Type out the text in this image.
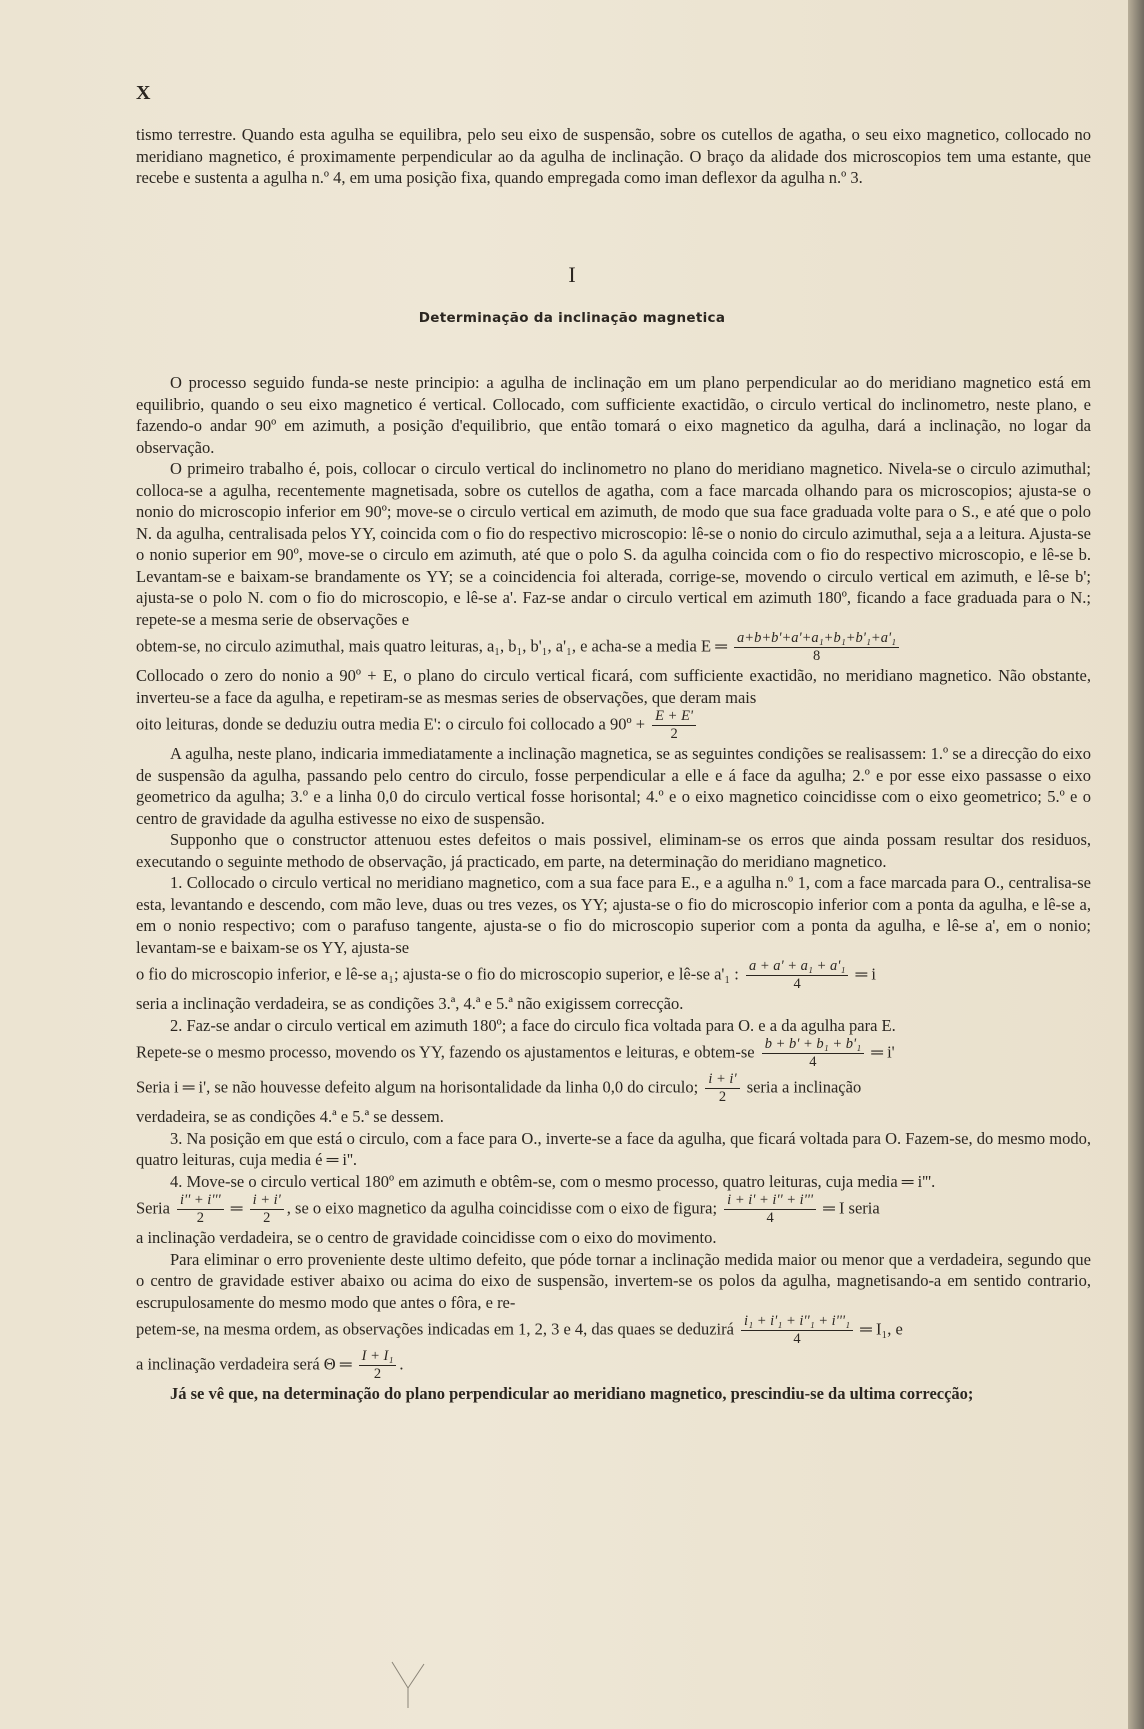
X

tismo terrestre. Quando esta agulha se equilibra, pelo seu eixo de suspensão, sobre os cutellos de agatha, o seu eixo magnetico, collocado no meridiano magnetico, é proximamente perpendicular ao da agulha de inclinação. O braço da alidade dos microscopios tem uma estante, que recebe e sustenta a agulha n.º 4, em uma posição fixa, quando empregada como iman deflexor da agulha n.º 3.

I
Determinação da inclinação magnetica

O processo seguido funda-se neste principio: a agulha de inclinação em um plano perpendicular ao do meridiano magnetico está em equilibrio, quando o seu eixo magnetico é vertical. Collocado, com sufficiente exactidão, o circulo vertical do inclinometro, neste plano, e fazendo-o andar 90º em azimuth, a posição d'equilibrio, que então tomará o eixo magnetico da agulha, dará a inclinação, no logar da observação.

O primeiro trabalho é, pois, collocar o circulo vertical do inclinometro no plano do meridiano magnetico. Nivela-se o circulo azimuthal; colloca-se a agulha, recentemente magnetisada, sobre os cutellos de agatha, com a face marcada olhando para os microscopios; ajusta-se o nonio do microscopio inferior em 90º; move-se o circulo vertical em azimuth, de modo que sua face graduada volte para o S., e até que o polo N. da agulha, centralisada pelos YY, coincida com o fio do respectivo microscopio: lê-se o nonio do circulo azimuthal, seja a a leitura. Ajusta-se o nonio superior em 90º, move-se o circulo em azimuth, até que o polo S. da agulha coincida com o fio do respectivo microscopio, e lê-se b. Levantam-se e baixam-se brandamente os YY; se a coincidencia foi alterada, corrige-se, movendo o circulo vertical em azimuth, e lê-se b'; ajusta-se o polo N. com o fio do microscopio, e lê-se a'. Faz-se andar o circulo vertical em azimuth 180º, ficando a face graduada para o N.; repete-se a mesma serie de observações e

obtem-se, no circulo azimuthal, mais quatro leituras, a₁, b₁, b'₁, a'₁, e acha-se a media E ═ $\frac{\text{a+b+b'+a'+a₁+b₁+b'₁+a'₁}}{8}$

Collocado o zero do nonio a 90º + E, o plano do circulo vertical ficará, com sufficiente exactidão, no meridiano magnetico. Não obstante, inverteu-se a face da agulha, e repetiram-se as mesmas series de observações, que deram mais

oito leituras, donde se deduziu outra media E': o circulo foi collocado a 90º + $\frac{E + E'}{2}$

A agulha, neste plano, indicaria immediatamente a inclinação magnetica, se as seguintes condições se realisassem: 1.º se a direcção do eixo de suspensão da agulha, passando pelo centro do circulo, fosse perpendicular a elle e á face da agulha; 2.º e por esse eixo passasse o eixo geometrico da agulha; 3.º e a linha 0,0 do circulo vertical fosse horisontal; 4.º e o eixo magnetico coincidisse com o eixo geometrico; 5.º e o centro de gravidade da agulha estivesse no eixo de suspensão.

Supponho que o constructor attenuou estes defeitos o mais possivel, eliminam-se os erros que ainda possam resultar dos residuos, executando o seguinte methodo de observação, já practicado, em parte, na determinação do meridiano magnetico.

1. Collocado o circulo vertical no meridiano magnetico, com a sua face para E., e a agulha n.º 1, com a face marcada para O., centralisa-se esta, levantando e descendo, com mão leve, duas ou tres vezes, os YY; ajusta-se o fio do microscopio inferior com a ponta da agulha, e lê-se a, em o nonio respectivo; com o parafuso tangente, ajusta-se o fio do microscopio superior com a ponta da agulha, e lê-se a', em o nonio; levantam-se e baixam-se os YY, ajusta-se

o fio do microscopio inferior, e lê-se a₁; ajusta-se o fio do microscopio superior, e lê-se a'₁ : $\frac{\text{a + a' + a₁ + a'₁}}{4}$ ═ i

seria a inclinação verdadeira, se as condições 3.ª, 4.ª e 5.ª não exigissem correcção.

2. Faz-se andar o circulo vertical em azimuth 180º; a face do circulo fica voltada para O. e a da agulha para E.

Repete-se o mesmo processo, movendo os YY, fazendo os ajustamentos e leituras, e obtem-se $\frac{\text{b + b' + b₁ + b'₁}}{4}$ ═ i'

Seria i ═ i', se não houvesse defeito algum na horisontalidade da linha 0,0 do circulo; $\frac{i + i'}{2}$ seria a inclinação

verdadeira, se as condições 4.ª e 5.ª se dessem.

3. Na posição em que está o circulo, com a face para O., inverte-se a face da agulha, que ficará voltada para O. Fazem-se, do mesmo modo, quatro leituras, cuja media é ═ i''.

4. Move-se o circulo vertical 180º em azimuth e obtêm-se, com o mesmo processo, quatro leituras, cuja media ═ i'''.

Seria $\frac{i'' + i'''}{2}$ ═ $\frac{i + i'}{2}$ , se o eixo magnetico da agulha coincidisse com o eixo de figura; $\frac{i + i' + i'' + i'''}{4}$ ═ I seria

a inclinação verdadeira, se o centro de gravidade coincidisse com o eixo do movimento.

Para eliminar o erro proveniente deste ultimo defeito, que póde tornar a inclinação medida maior ou menor que a verdadeira, segundo que o centro de gravidade estiver abaixo ou acima do eixo de suspensão, invertem-se os polos da agulha, magnetisando-a em sentido contrario, escrupulosamente do mesmo modo que antes o fôra, e re-

petem-se, na mesma ordem, as observações indicadas em 1, 2, 3 e 4, das quaes se deduzirá $\frac{\text{i₁ + i'₁ + i''₁ + i'''₁}}{4}$ ═ I₁, e

a inclinação verdadeira será Θ ═ $\frac{\text{I + I₁}}{2}$ .

Já se vê que, na determinação do plano perpendicular ao meridiano magnetico, prescindiu-se da ultima correcção;
